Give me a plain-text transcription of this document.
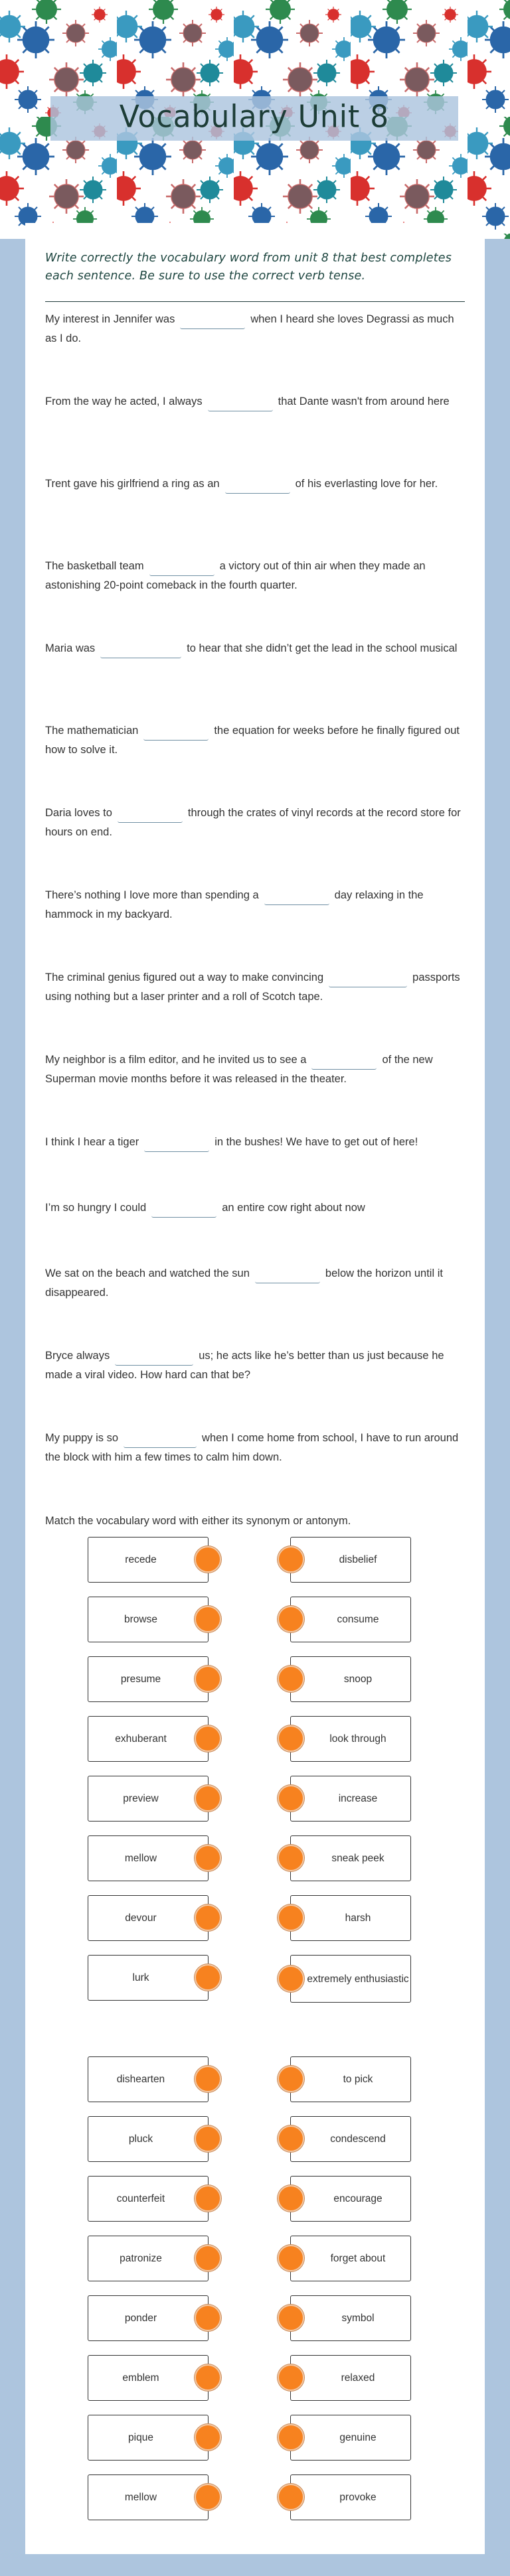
Vocabulary Unit 8
Write correctly the vocabulary word from unit 8 that best completes each sentence. Be sure to use the correct verb tense.
My interest in Jennifer was	when I heard she loves Degrassi as much as I do.
From the way he acted, I always	that Dante wasn't from around here
Trent gave his girlfriend a ring as an	of his everlasting love for her.
The basketball team	a victory out of thin air when they made an astonishing 20-point comeback in the fourth quarter.
Maria was	to hear that she didn’t get the lead in the school musical
The mathematician	the equation for weeks before he finally figured out how to solve it.
Daria loves to	through the crates of vinyl records at the record store for hours on end.
There’s nothing I love more than spending a	day relaxing in the hammock in my backyard.
The criminal genius figured out a way to make convincing	passports using nothing but a laser printer and a roll of Scotch tape.
My neighbor is a film editor, and he invited us to see a	of the new Superman movie months before it was released in the theater.
I think I hear a tiger	in the bushes! We have to get out of here!
I’m so hungry I could	an entire cow right about now
We sat on the beach and watched the sun	below the horizon until it disappeared.
Bryce always	us; he acts like he’s better than us just because he made a viral video. How hard can that be?
My puppy is so	when I come home from school, I have to run around the block with him a few times to calm him down.
Match the vocabulary word with either its synonym or antonym.
recede
browse
presume
exhuberant
preview
mellow
devour
lurk
disbelief
consume
snoop
look through
increase
sneak peek
harsh
extremely enthusiastic
dishearten
pluck
counterfeit
patronize
ponder
emblem
pique
mellow
to pick
condescend
encourage
forget about
symbol
relaxed
genuine
provoke
